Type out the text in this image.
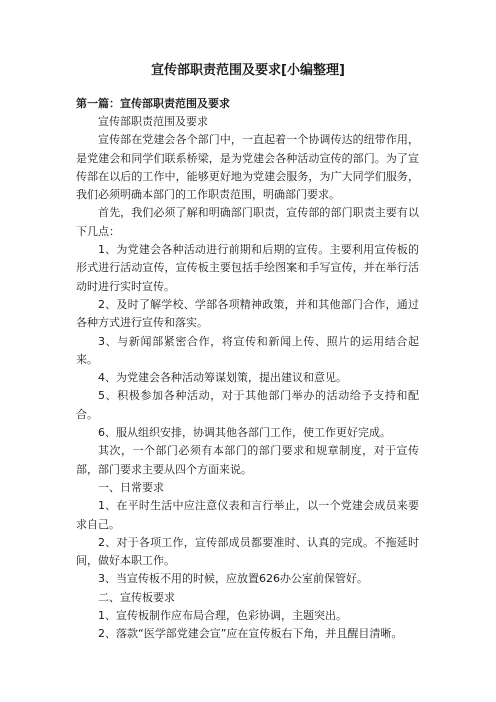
宣传部职责范围及要求[小编整理]
第一篇：宣传部职责范围及要求

宣传部职责范围及要求

宣传部在党建会各个部门中，一直起着一个协调传达的纽带作用，是党建会和同学们联系桥梁，是为党建会各种活动宣传的部门。为了宣传部在以后的工作中，能够更好地为党建会服务，为广大同学们服务，我们必须明确本部门的工作职责范围，明确部门要求。

首先，我们必须了解和明确部门职责，宣传部的部门职责主要有以下几点：

1、为党建会各种活动进行前期和后期的宣传。主要利用宣传板的形式进行活动宣传，宣传板主要包括手绘图案和手写宣传，并在举行活动时进行实时宣传。

2、及时了解学校、学部各项精神政策，并和其他部门合作，通过各种方式进行宣传和落实。

3、与新闻部紧密合作，将宣传和新闻上传、照片的运用结合起来。

4、为党建会各种活动筹谋划策，提出建议和意见。

5、积极参加各种活动，对于其他部门举办的活动给予支持和配合。

6、服从组织安排，协调其他各部门工作，使工作更好完成。

其次，一个部门必须有本部门的部门要求和规章制度，对于宣传部，部门要求主要从四个方面来说。

一、日常要求

1、在平时生活中应注意仪表和言行举止，以一个党建会成员来要求自己。

2、对于各项工作，宣传部成员都要准时、认真的完成。不拖延时间，做好本职工作。

3、当宣传板不用的时候，应放置626办公室前保管好。

二、宣传板要求

1、宣传板制作应布局合理，色彩协调，主题突出。

2、落款“医学部党建会宣”应在宣传板右下角，并且醒目清晰。
